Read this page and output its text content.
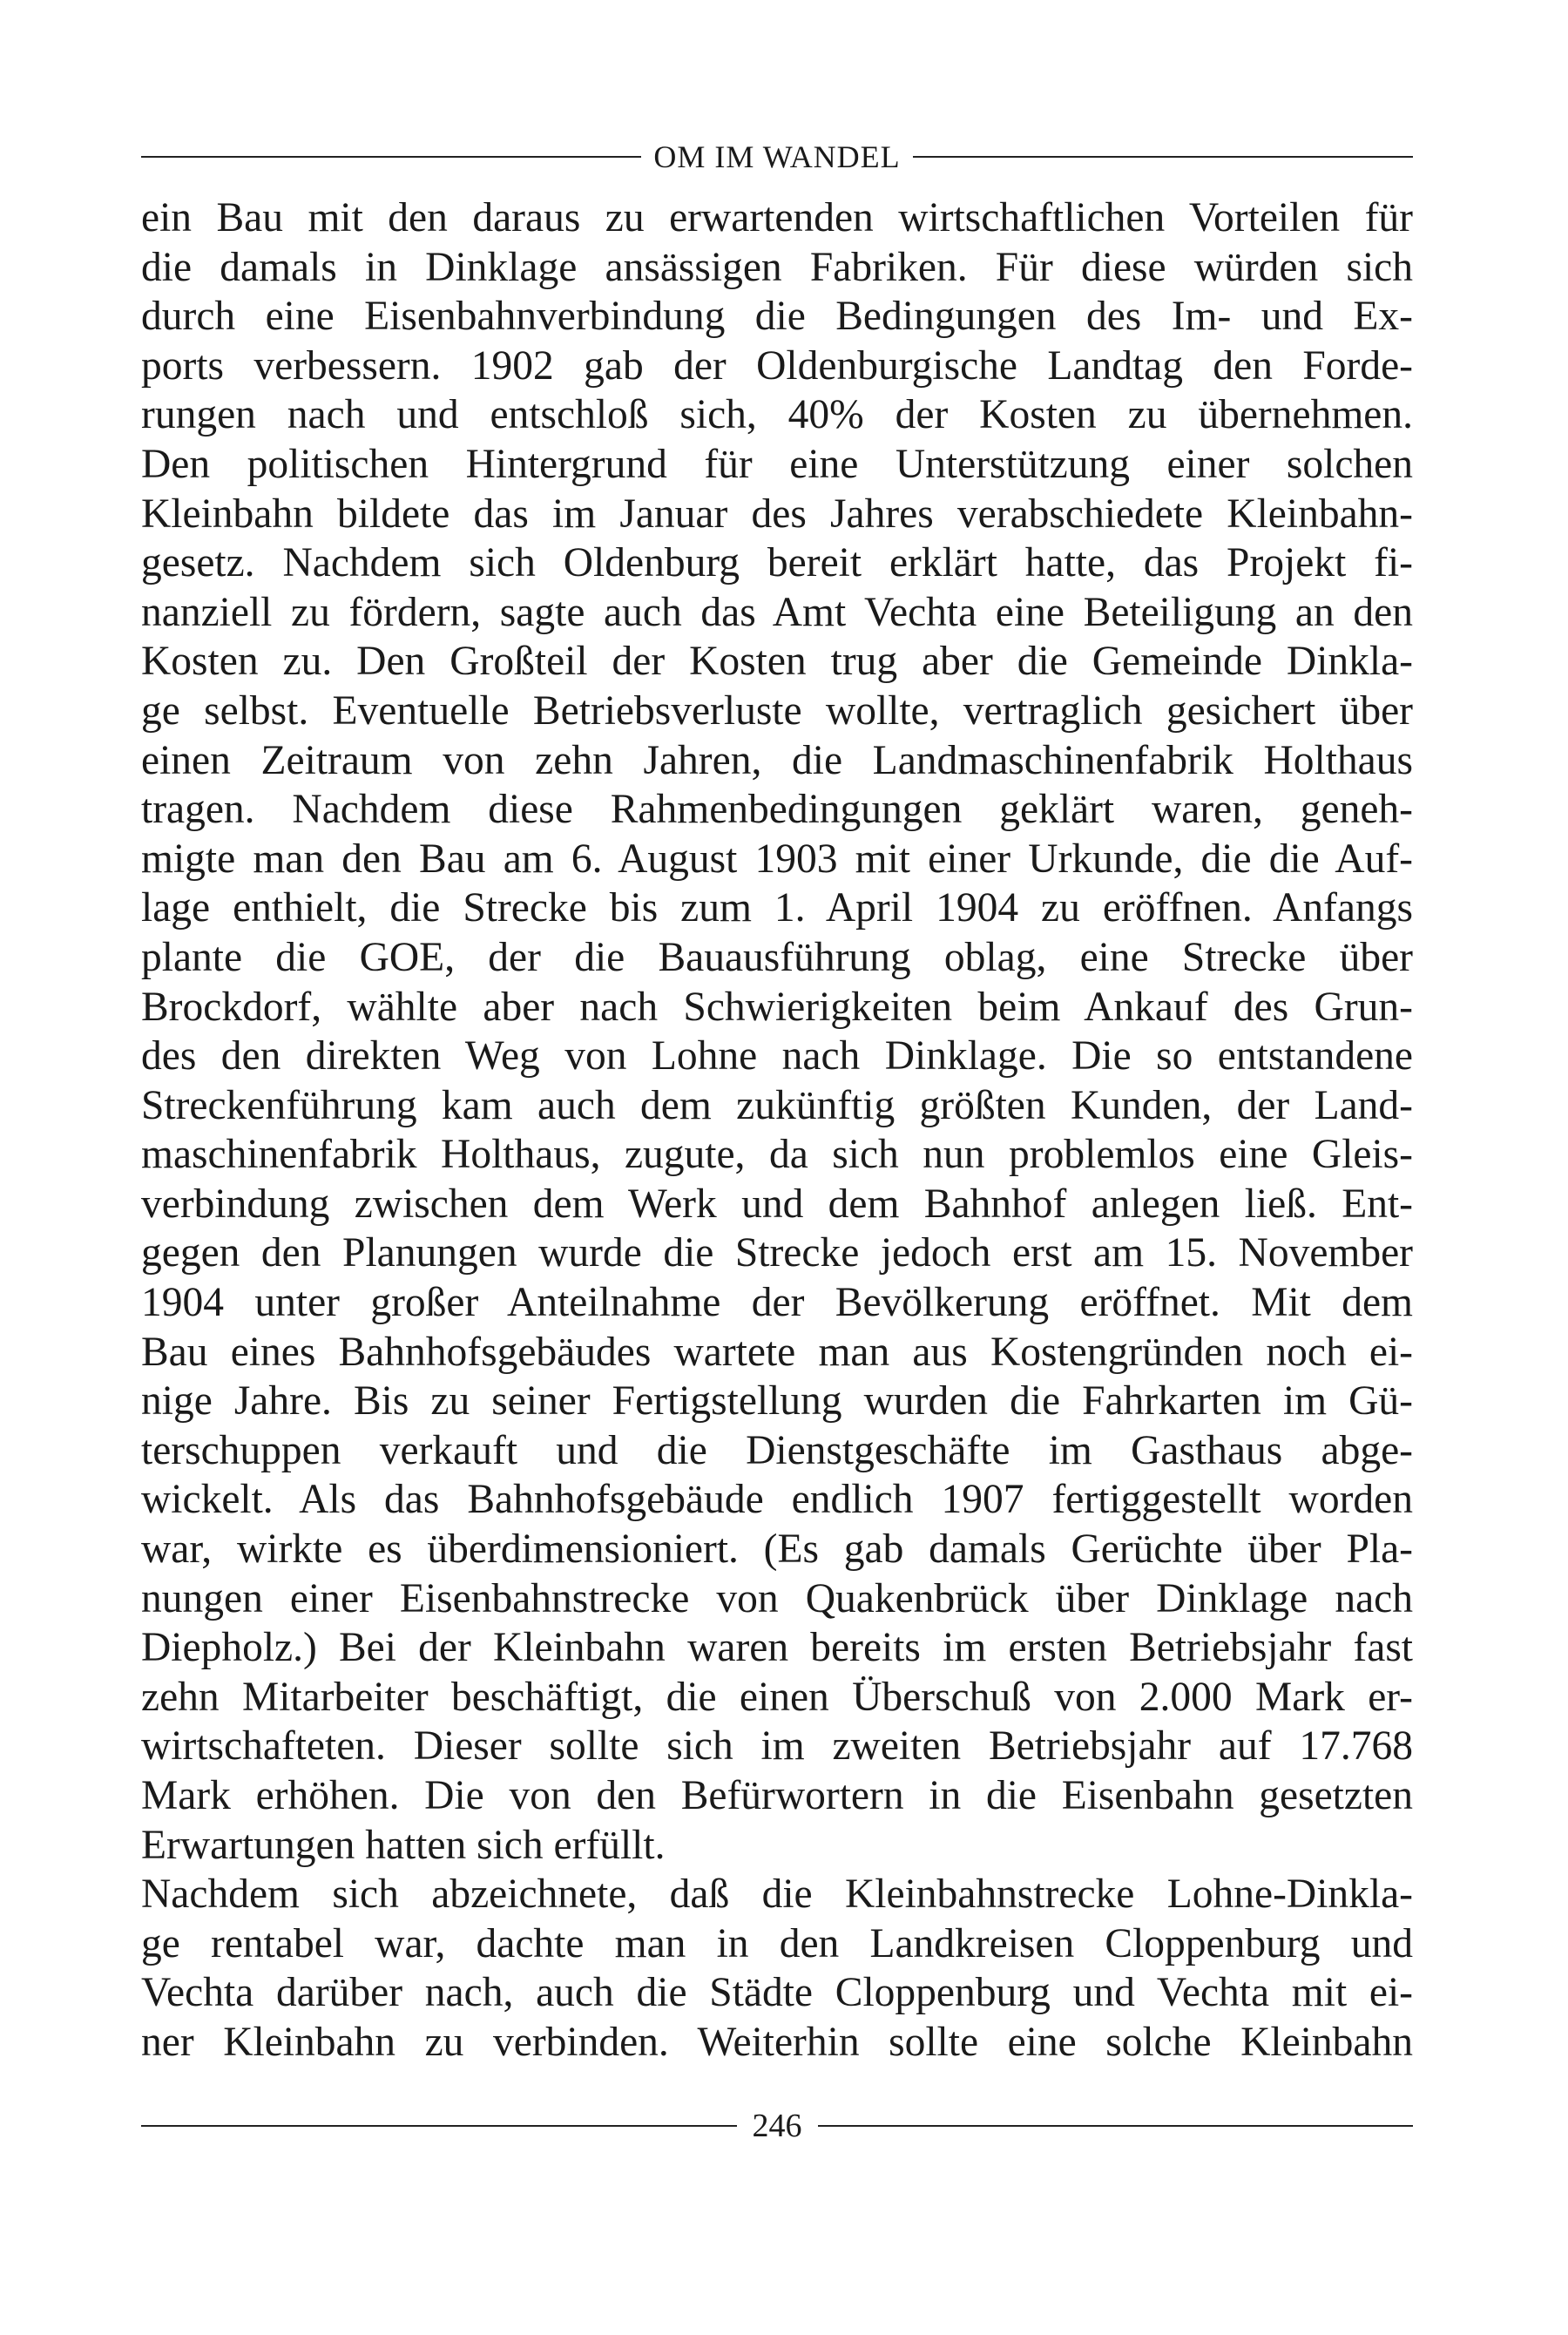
OM IM WANDEL
ein Bau mit den daraus zu erwartenden wirtschaftlichen Vorteilen für
die damals in Dinklage ansässigen Fabriken. Für diese würden sich
durch eine Eisenbahnverbindung die Bedingungen des Im- und Ex-
ports verbessern. 1902 gab der Oldenburgische Landtag den Forde-
rungen nach und entschloß sich, 40% der Kosten zu übernehmen.
Den politischen Hintergrund für eine Unterstützung einer solchen
Kleinbahn bildete das im Januar des Jahres verabschiedete Kleinbahn-
gesetz. Nachdem sich Oldenburg bereit erklärt hatte, das Projekt fi-
nanziell zu fördern, sagte auch das Amt Vechta eine Beteiligung an den
Kosten zu. Den Großteil der Kosten trug aber die Gemeinde Dinkla-
ge selbst. Eventuelle Betriebsverluste wollte, vertraglich gesichert über
einen Zeitraum von zehn Jahren, die Landmaschinenfabrik Holthaus
tragen. Nachdem diese Rahmenbedingungen geklärt waren, geneh-
migte man den Bau am 6. August 1903 mit einer Urkunde, die die Auf-
lage enthielt, die Strecke bis zum 1. April 1904 zu eröffnen. Anfangs
plante die GOE, der die Bauausführung oblag, eine Strecke über
Brockdorf, wählte aber nach Schwierigkeiten beim Ankauf des Grun-
des den direkten Weg von Lohne nach Dinklage. Die so entstandene
Streckenführung kam auch dem zukünftig größten Kunden, der Land-
maschinenfabrik Holthaus, zugute, da sich nun problemlos eine Gleis-
verbindung zwischen dem Werk und dem Bahnhof anlegen ließ. Ent-
gegen den Planungen wurde die Strecke jedoch erst am 15. November
1904 unter großer Anteilnahme der Bevölkerung eröffnet. Mit dem
Bau eines Bahnhofsgebäudes wartete man aus Kostengründen noch ei-
nige Jahre. Bis zu seiner Fertigstellung wurden die Fahrkarten im Gü-
terschuppen verkauft und die Dienstgeschäfte im Gasthaus abge-
wickelt. Als das Bahnhofsgebäude endlich 1907 fertiggestellt worden
war, wirkte es überdimensioniert. (Es gab damals Gerüchte über Pla-
nungen einer Eisenbahnstrecke von Quakenbrück über Dinklage nach
Diepholz.) Bei der Kleinbahn waren bereits im ersten Betriebsjahr fast
zehn Mitarbeiter beschäftigt, die einen Überschuß von 2.000 Mark er-
wirtschafteten. Dieser sollte sich im zweiten Betriebsjahr auf 17.768
Mark erhöhen. Die von den Befürwortern in die Eisenbahn gesetzten
Erwartungen hatten sich erfüllt.
Nachdem sich abzeichnete, daß die Kleinbahnstrecke Lohne-Dinkla-
ge rentabel war, dachte man in den Landkreisen Cloppenburg und
Vechta darüber nach, auch die Städte Cloppenburg und Vechta mit ei-
ner Kleinbahn zu verbinden. Weiterhin sollte eine solche Kleinbahn
246
